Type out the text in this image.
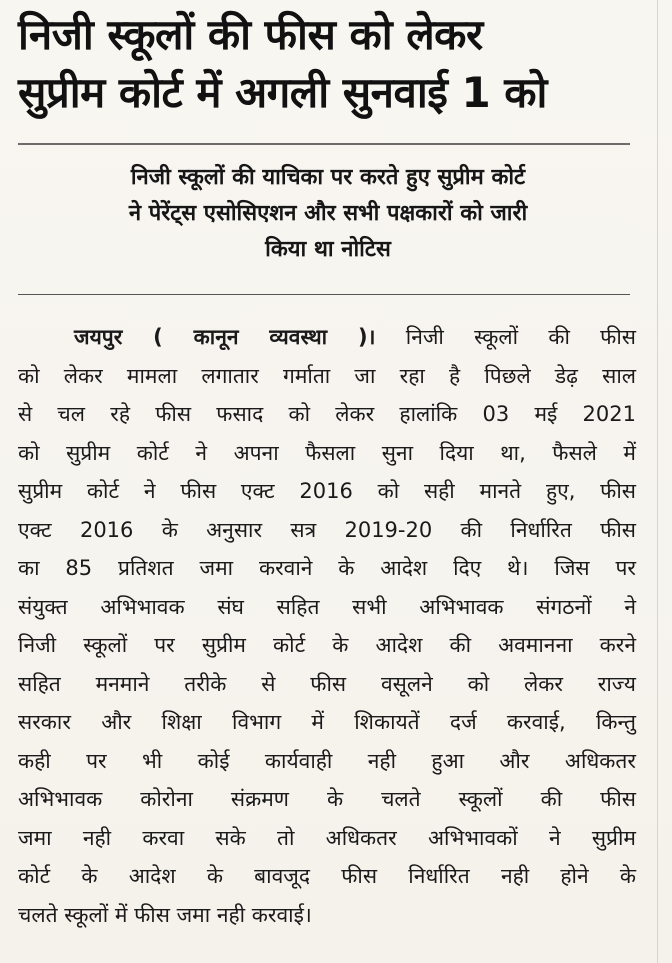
निजी स्कूलों की फीस को लेकर
सुप्रीम कोर्ट में अगली सुनवाई 1 को
निजी स्कूलों की याचिका पर करते हुए सुप्रीम कोर्ट
ने पेरेंट्स एसोसिएशन और सभी पक्षकारों को जारी
किया था नोटिस
जयपुर ( कानून व्यवस्था )। निजी स्कूलों की फीस
को लेकर मामला लगातार गर्माता जा रहा है पिछले डेढ़ साल
से चल रहे फीस फसाद को लेकर हालांकि 03 मई 2021
को सुप्रीम कोर्ट ने अपना फैसला सुना दिया था, फैसले में
सुप्रीम कोर्ट ने फीस एक्ट 2016 को सही मानते हुए, फीस
एक्ट 2016 के अनुसार सत्र 2019-20 की निर्धारित फीस
का 85 प्रतिशत जमा करवाने के आदेश दिए थे। जिस पर
संयुक्त अभिभावक संघ सहित सभी अभिभावक संगठनों ने
निजी स्कूलों पर सुप्रीम कोर्ट के आदेश की अवमानना करने
सहित मनमाने तरीके से फीस वसूलने को लेकर राज्य
सरकार और शिक्षा विभाग में शिकायतें दर्ज करवाई, किन्तु
कही पर भी कोई कार्यवाही नही हुआ और अधिकतर
अभिभावक कोरोना संक्रमण के चलते स्कूलों की फीस
जमा नही करवा सके तो अधिकतर अभिभावकों ने सुप्रीम
कोर्ट के आदेश के बावजूद फीस निर्धारित नही होने के
चलते स्कूलों में फीस जमा नही करवाई।
